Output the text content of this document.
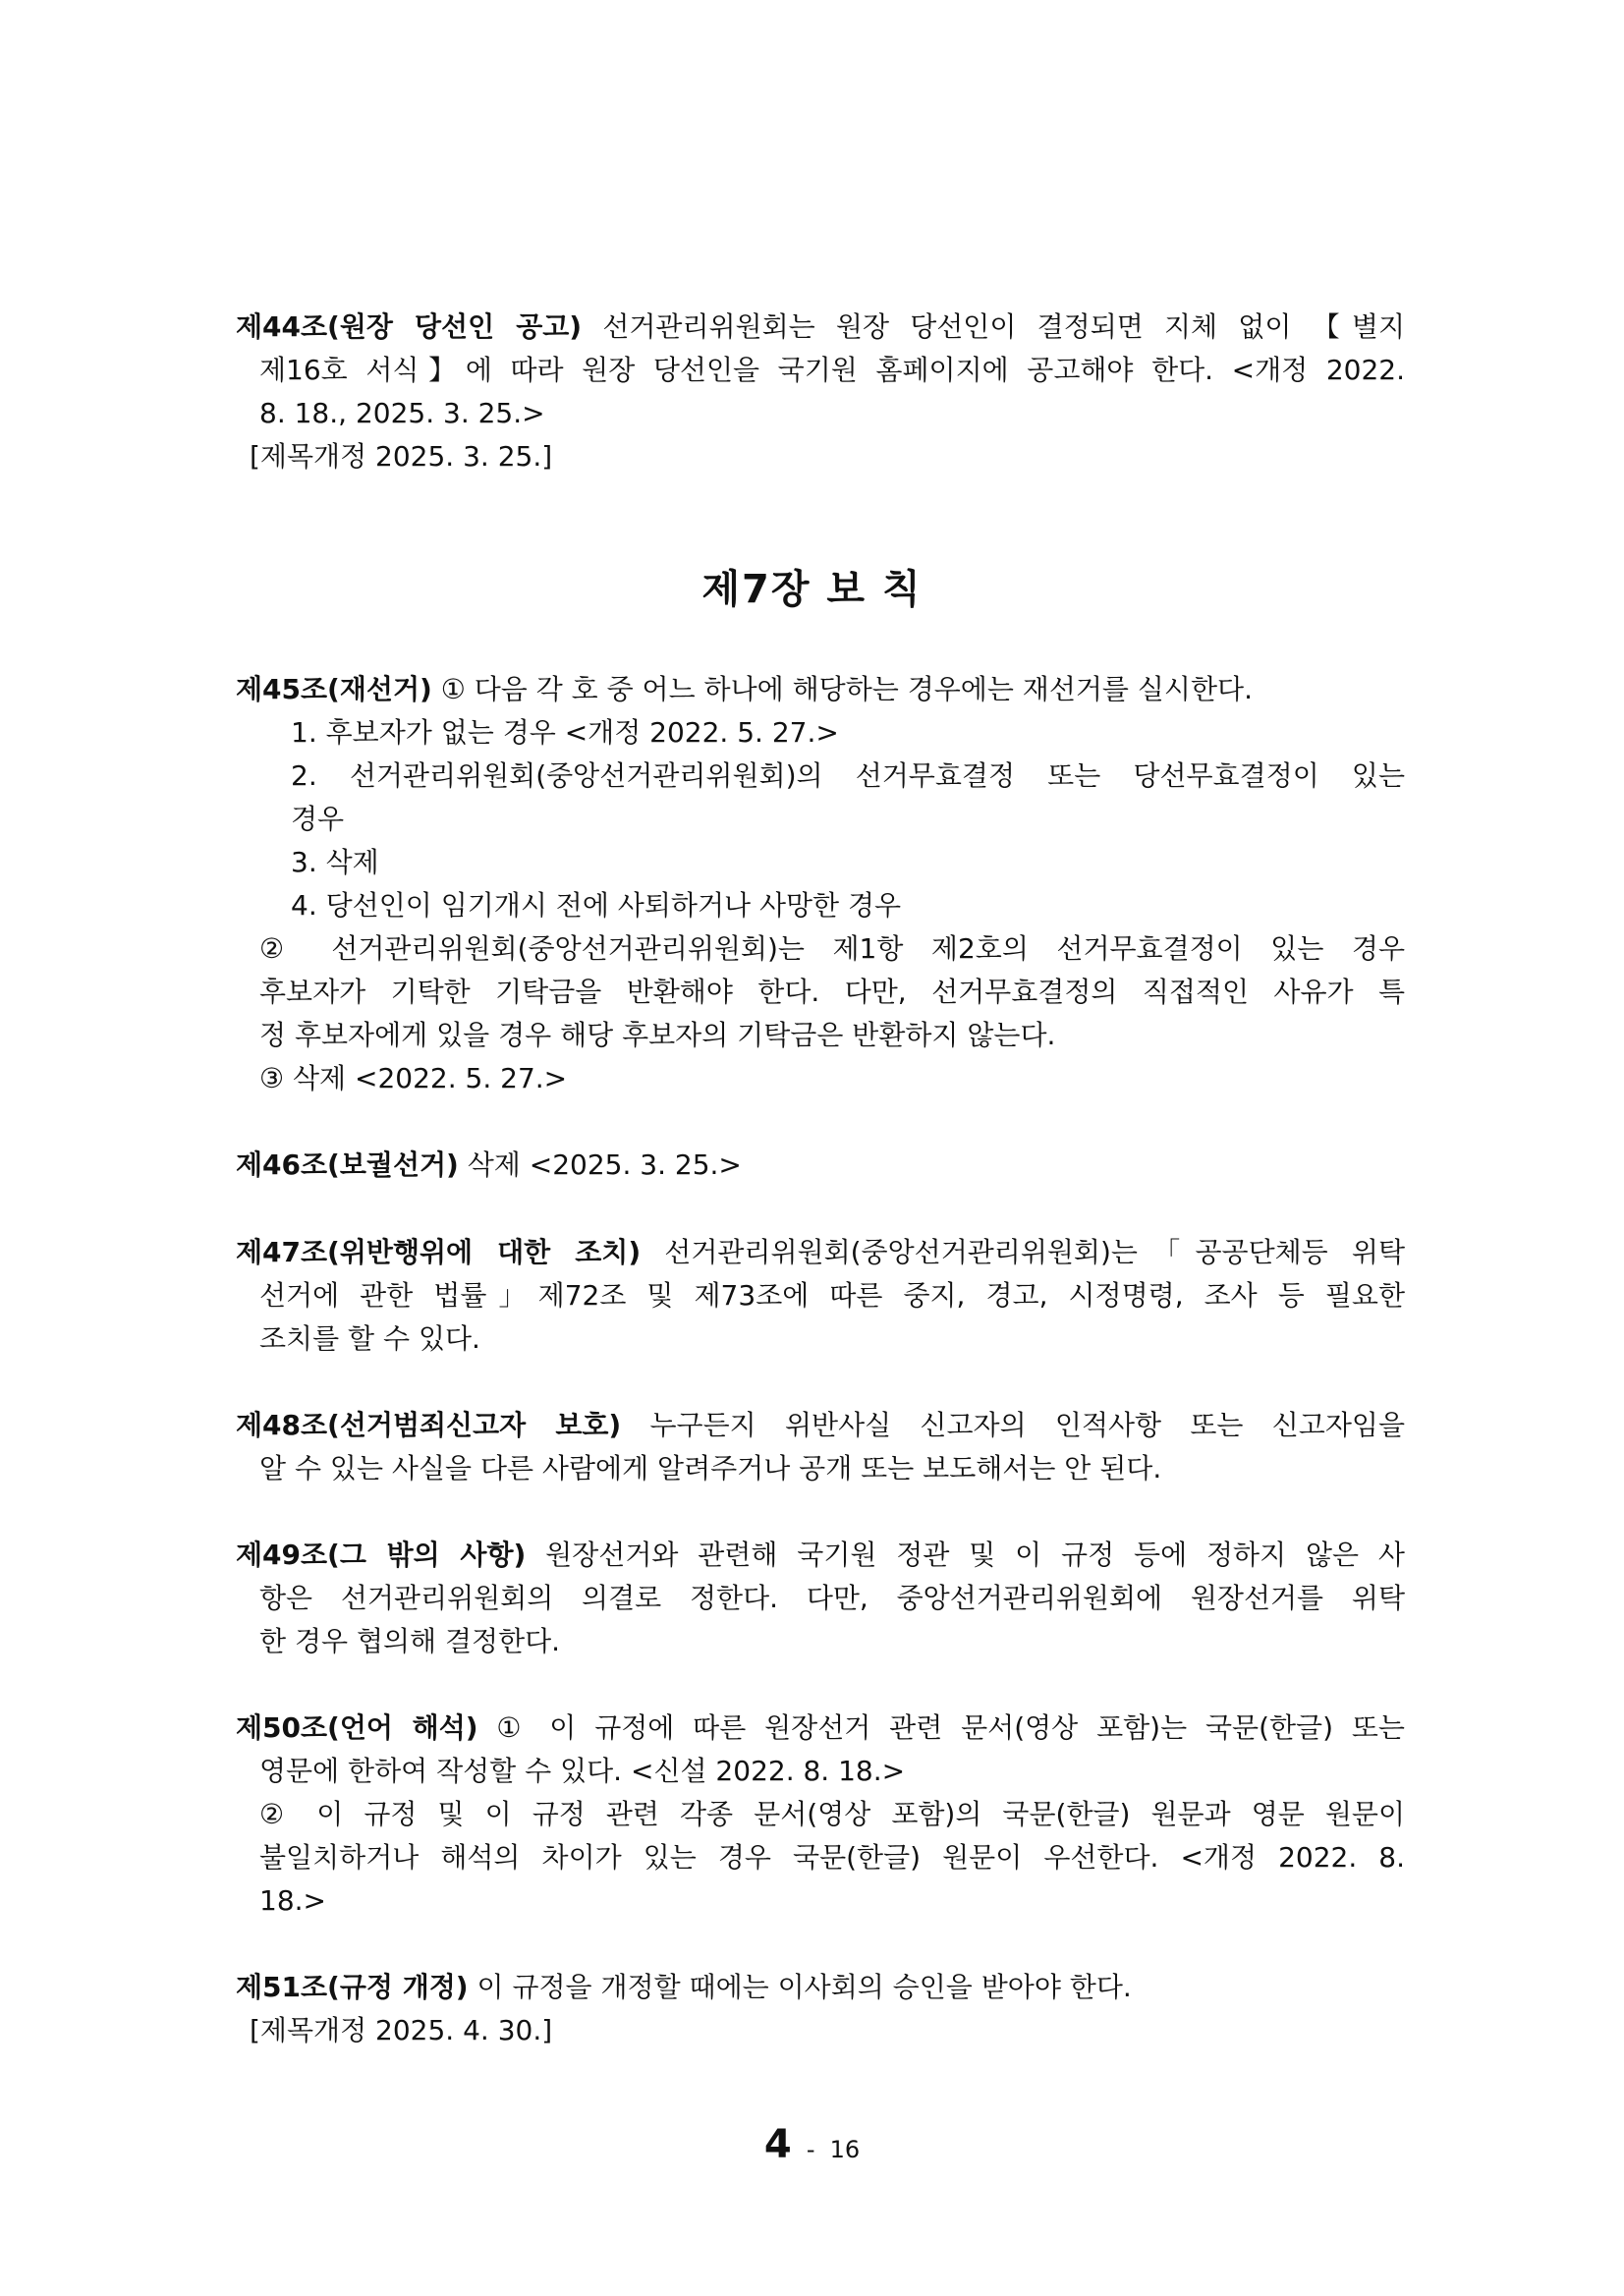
제44조(원장 당선인 공고) 선거관리위원회는 원장 당선인이 결정되면 지체 없이 【별지
제16호 서식】에 따라 원장 당선인을 국기원 홈페이지에 공고해야 한다. <개정 2022.
8. 18., 2025. 3. 25.>
[제목개정 2025. 3. 25.]
제7장 보 칙
제45조(재선거) ① 다음 각 호 중 어느 하나에 해당하는 경우에는 재선거를 실시한다.
1. 후보자가 없는 경우 <개정 2022. 5. 27.>
2. 선거관리위원회(중앙선거관리위원회)의 선거무효결정 또는 당선무효결정이 있는
경우
3. 삭제
4. 당선인이 임기개시 전에 사퇴하거나 사망한 경우
② 선거관리위원회(중앙선거관리위원회)는 제1항 제2호의 선거무효결정이 있는 경우
후보자가 기탁한 기탁금을 반환해야 한다. 다만, 선거무효결정의 직접적인 사유가 특
정 후보자에게 있을 경우 해당 후보자의 기탁금은 반환하지 않는다.
③ 삭제 <2022. 5. 27.>
제46조(보궐선거) 삭제 <2025. 3. 25.>
제47조(위반행위에 대한 조치) 선거관리위원회(중앙선거관리위원회)는「공공단체등 위탁
선거에 관한 법률」제72조 및 제73조에 따른 중지, 경고, 시정명령, 조사 등 필요한
조치를 할 수 있다.
제48조(선거범죄신고자 보호) 누구든지 위반사실 신고자의 인적사항 또는 신고자임을
알 수 있는 사실을 다른 사람에게 알려주거나 공개 또는 보도해서는 안 된다.
제49조(그 밖의 사항) 원장선거와 관련해 국기원 정관 및 이 규정 등에 정하지 않은 사
항은 선거관리위원회의 의결로 정한다. 다만, 중앙선거관리위원회에 원장선거를 위탁
한 경우 협의해 결정한다.
제50조(언어 해석) ① 이 규정에 따른 원장선거 관련 문서(영상 포함)는 국문(한글) 또는
영문에 한하여 작성할 수 있다. <신설 2022. 8. 18.>
② 이 규정 및 이 규정 관련 각종 문서(영상 포함)의 국문(한글) 원문과 영문 원문이
불일치하거나 해석의 차이가 있는 경우 국문(한글) 원문이 우선한다. <개정 2022. 8.
18.>
제51조(규정 개정) 이 규정을 개정할 때에는 이사회의 승인을 받아야 한다.
[제목개정 2025. 4. 30.]
4 - 16
